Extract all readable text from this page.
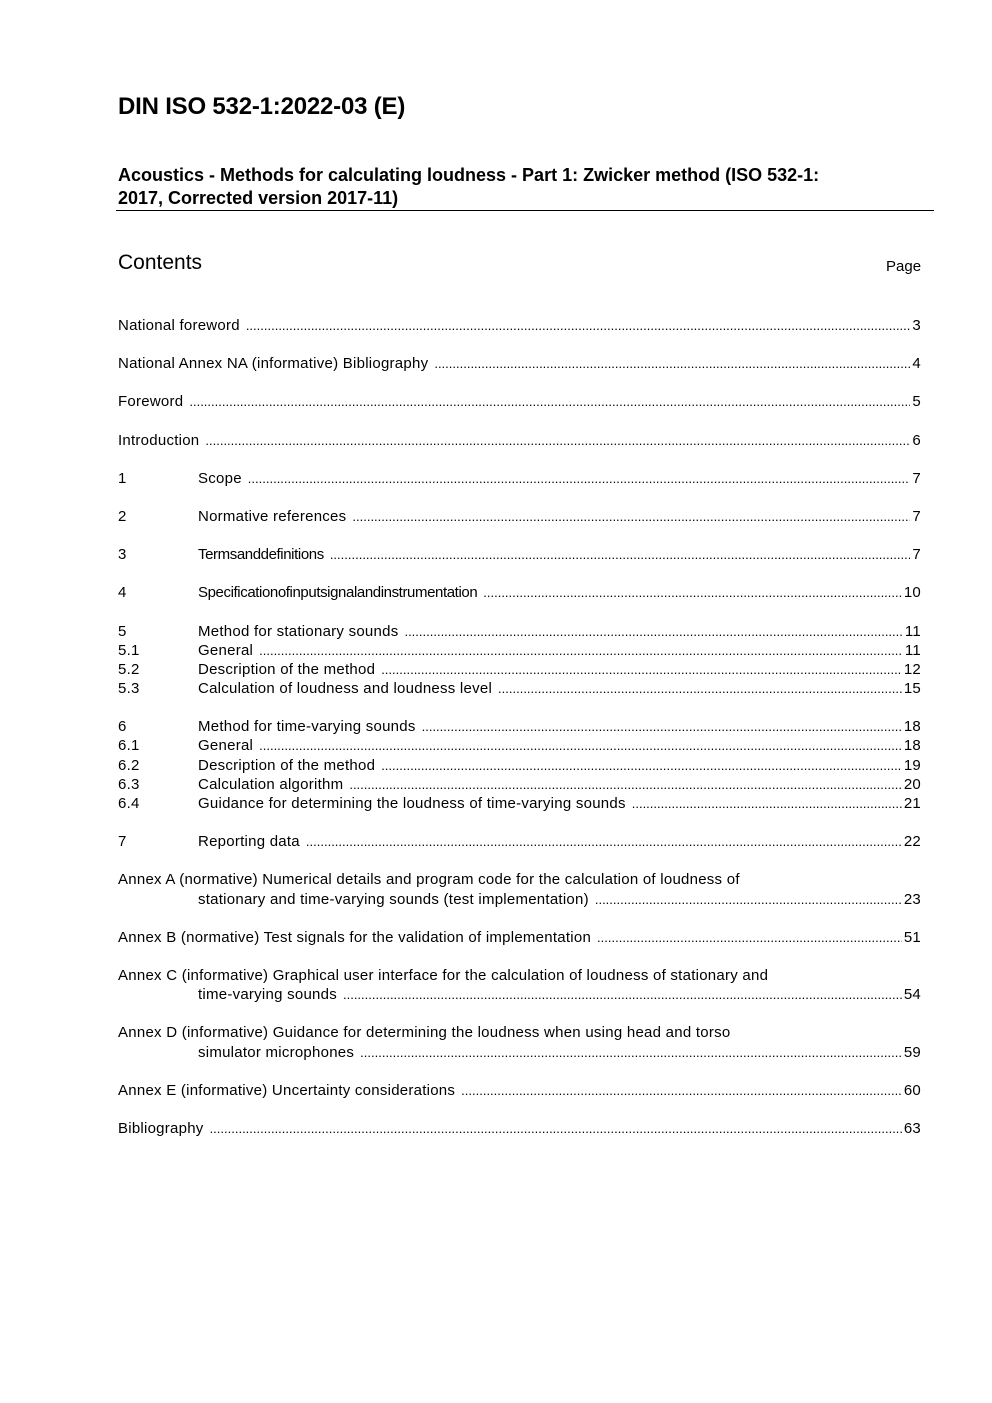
DIN ISO 532-1:2022-03 (E)
Acoustics - Methods for calculating loudness - Part 1: Zwicker method (ISO 532-1:
2017, Corrected version 2017-11)
Contents	Page
National foreword .....	3
National Annex NA (informative) Bibliography .....	4
Foreword .....	5
Introduction .....	6
1	Scope .....	7
2	Normative references .....	7
3	Termsanddefinitions .....	7
4	Specificationofinputsignalandinstrumentation .....	10
5	Method for stationary sounds .....	11
5.1	General .....	11
5.2	Description of the method .....	12
5.3	Calculation of loudness and loudness level .....	15
6	Method for time-varying sounds .....	18
6.1	General .....	18
6.2	Description of the method .....	19
6.3	Calculation algorithm .....	20
6.4	Guidance for determining the loudness of time-varying sounds .....	21
7	Reporting data .....	22
Annex A (normative) Numerical details and program code for the calculation of loudness of
stationary and time-varying sounds (test implementation) .....	23
Annex B (normative) Test signals for the validation of implementation .....	51
Annex C (informative) Graphical user interface for the calculation of loudness of stationary and
time-varying sounds .....	54
Annex D (informative) Guidance for determining the loudness when using head and torso
simulator microphones .....	59
Annex E (informative) Uncertainty considerations .....	60
Bibliography .....	63
